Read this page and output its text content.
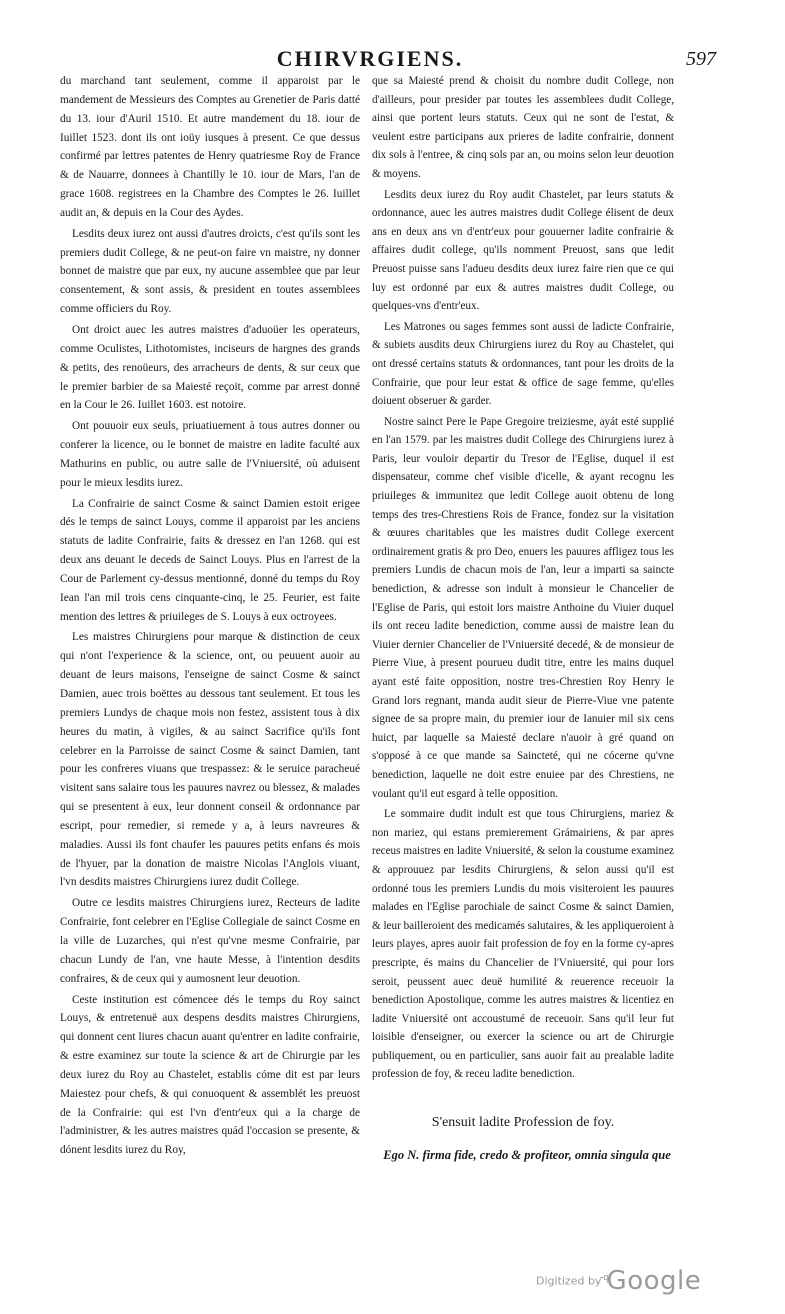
CHIRVRGIENS.	597

du marchand tant seulement, comme il apparoist par le mandement de Messieurs des Comptes au Grenetier de Paris datté du 13. iour d'Auril 1510. Et autre mandement du 18. iour de Iuillet 1523. dont ils ont ioüy iusques à present. Ce que dessus confirmé par lettres patentes de Henry quatriesme Roy de France & de Nauarre, donnees à Chantilly le 10. iour de Mars, l'an de grace 1608. registrees en la Chambre des Comptes le 26. Iuillet audit an, & depuis en la Cour des Aydes.

Lesdits deux iurez ont aussi d'autres droicts, c'est qu'ils sont les premiers dudit College, & ne peut-on faire vn maistre, ny donner bonnet de maistre que par eux, ny aucune assemblee que par leur consentement, & sont assis, & president en toutes assemblees comme officiers du Roy.

Ont droict auec les autres maistres d'aduoüer les operateurs, comme Oculistes, Lithotomistes, inciseurs de hargnes des grands & petits, des renoüeurs, des arracheurs de dents, & sur ceux que le premier barbier de sa Maiesté reçoit, comme par arrest donné en la Cour le 26. Iuillet 1603. est notoire.

Ont pouuoir eux seuls, priuatiuement à tous autres donner ou conferer la licence, ou le bonnet de maistre en ladite faculté aux Mathurins en public, ou autre salle de l'Vniuersité, où aduisent pour le mieux lesdits iurez.

La Confrairie de sainct Cosme & sainct Damien estoit erigee dés le temps de sainct Louys, comme il apparoist par les anciens statuts de ladite Confrairie, faits & dressez en l'an 1268. qui est deux ans deuant le deceds de Sainct Louys. Plus en l'arrest de la Cour de Parlement cy-dessus mentionné, donné du temps du Roy Iean l'an mil trois cens cinquante-cinq, le 25. Feurier, est faite mention des lettres & priuileges de S. Louys à eux octroyees.

Les maistres Chirurgiens pour marque & distinction de ceux qui n'ont l'experience & la science, ont, ou peuuent auoir au deuant de leurs maisons, l'enseigne de sainct Cosme & sainct Damien, auec trois boëttes au dessous tant seulement. Et tous les premiers Lundys de chaque mois non festez, assistent tous à dix heures du matin, à vigiles, & au sainct Sacrifice qu'ils font celebrer en la Parroisse de sainct Cosme & sainct Damien, tant pour les confreres viuans que trespassez: & le seruice paracheué visitent sans salaire tous les pauures navrez ou blessez, & malades qui se presentent à eux, leur donnent conseil & ordonnance par escript, pour remedier, si remede y a, à leurs navreures & maladies. Aussi ils font chaufer les pauures petits enfans és mois de l'hyuer, par la donation de maistre Nicolas l'Anglois viuant, l'vn desdits maistres Chirurgiens iurez dudit College.

Outre ce lesdits maistres Chirurgiens iurez, Recteurs de ladite Confrairie, font celebrer en l'Eglise Collegiale de sainct Cosme en la ville de Luzarches, qui n'est qu'vne mesme Confrairie, par chacun Lundy de l'an, vne haute Messe, à l'intention desdits confraires, & de ceux qui y aumosnent leur deuotion.

Ceste institution est cómencee dés le temps du Roy sainct Louys, & entretenuë aux despens desdits maistres Chirurgiens, qui donnent cent liures chacun auant qu'entrer en ladite confrairie, & estre examinez sur toute la science & art de Chirurgie par les deux iurez du Roy au Chastelet, establis cóme dit est par leurs Maiestez pour chefs, & qui conuoquent & assemblét les preuost de la Confrairie: qui est l'vn d'entr'eux qui a la charge de l'administrer, & les autres maistres quád l'occasion se presente, & dónent lesdits iurez du Roy,

que sa Maiesté prend & choisit du nombre dudit College, non d'ailleurs, pour presider par toutes les assemblees dudit College, ainsi que portent leurs statuts. Ceux qui ne sont de l'estat, & veulent estre participans aux prieres de ladite confrairie, donnent dix sols à l'entree, & cinq sols par an, ou moins selon leur deuotion & moyens.

Lesdits deux iurez du Roy audit Chastelet, par leurs statuts & ordonnance, auec les autres maistres dudit College élisent de deux ans en deux ans vn d'entr'eux pour gouuerner ladite confrairie & affaires dudit college, qu'ils nomment Preuost, sans que ledit Preuost puisse sans l'adueu desdits deux iurez faire rien que ce qui luy est ordonné par eux & autres maistres dudit College, ou quelques-vns d'entr'eux.

Les Matrones ou sages femmes sont aussi de ladicte Confrairie, & subiets ausdits deux Chirurgiens iurez du Roy au Chastelet, qui ont dressé certains statuts & ordonnances, tant pour les droits de la Confrairie, que pour leur estat & office de sage femme, qu'elles doiuent obseruer & garder.

Nostre sainct Pere le Pape Gregoire treiziesme, ayát esté supplié en l'an 1579. par les maistres dudit College des Chirurgiens iurez à Paris, leur vouloir departir du Tresor de l'Eglise, duquel il est dispensateur, comme chef visible d'icelle, & ayant recognu les priuileges & immunitez que ledit College auoit obtenu de long temps des tres-Chrestiens Rois de France, fondez sur la visitation & œuures charitables que les maistres dudit College exercent ordinairement gratis & pro Deo, enuers les pauures affligez tous les premiers Lundis de chacun mois de l'an, leur a imparti sa saincte benediction, & adresse son indult à monsieur le Chancelier de l'Eglise de Paris, qui estoit lors maistre Anthoine du Viuier duquel ils ont receu ladite benediction, comme aussi de maistre Iean du Viuier dernier Chancelier de l'Vniuersité decedé, & de monsieur de Pierre Viue, à present pourueu dudit titre, entre les mains duquel ayant esté faite opposition, nostre tres-Chrestien Roy Henry le Grand lors regnant, manda audit sieur de Pierre-Viue vne patente signee de sa propre main, du premier iour de Ianuier mil six cens huict, par laquelle sa Maiesté declare n'auoir à gré quand on s'opposé à ce que mande sa Saincteté, qui ne cócerne qu'vne benediction, laquelle ne doit estre enuiee par des Chrestiens, ne voulant qu'il eut esgard à telle opposition.

Le sommaire dudit indult est que tous Chirurgiens, mariez & non mariez, qui estans premierement Grámairiens, & par apres receus maistres en ladite Vniuersité, & selon la coustume examinez & approuuez par lesdits Chirurgiens, & selon aussi qu'il est ordonné tous les premiers Lundis du mois visiteroient les pauures malades en l'Eglise parochiale de sainct Cosme & sainct Damien, & leur bailleroient des medicamés salutaires, & les appliqueroient à leurs playes, apres auoir fait profession de foy en la forme cy-apres prescripte, és mains du Chancelier de l'Vniuersité, qui pour lors seroit, peussent auec deuë humilité & reuerence receuoir la benediction Apostolique, comme les autres maistres & licentiez en ladite Vniuersité ont accoustumé de receuoir. Sans qu'il leur fut loisible d'enseigner, ou exercer la science ou art de Chirurgie publiquement, ou en particulier, sans auoir fait au prealable ladite profession de foy, & receu ladite benediction.

S'ensuit ladite Profession de foy.
Ego N. firma fide, credo & profiteor, omnia singula que
-q
Digitized by Google
